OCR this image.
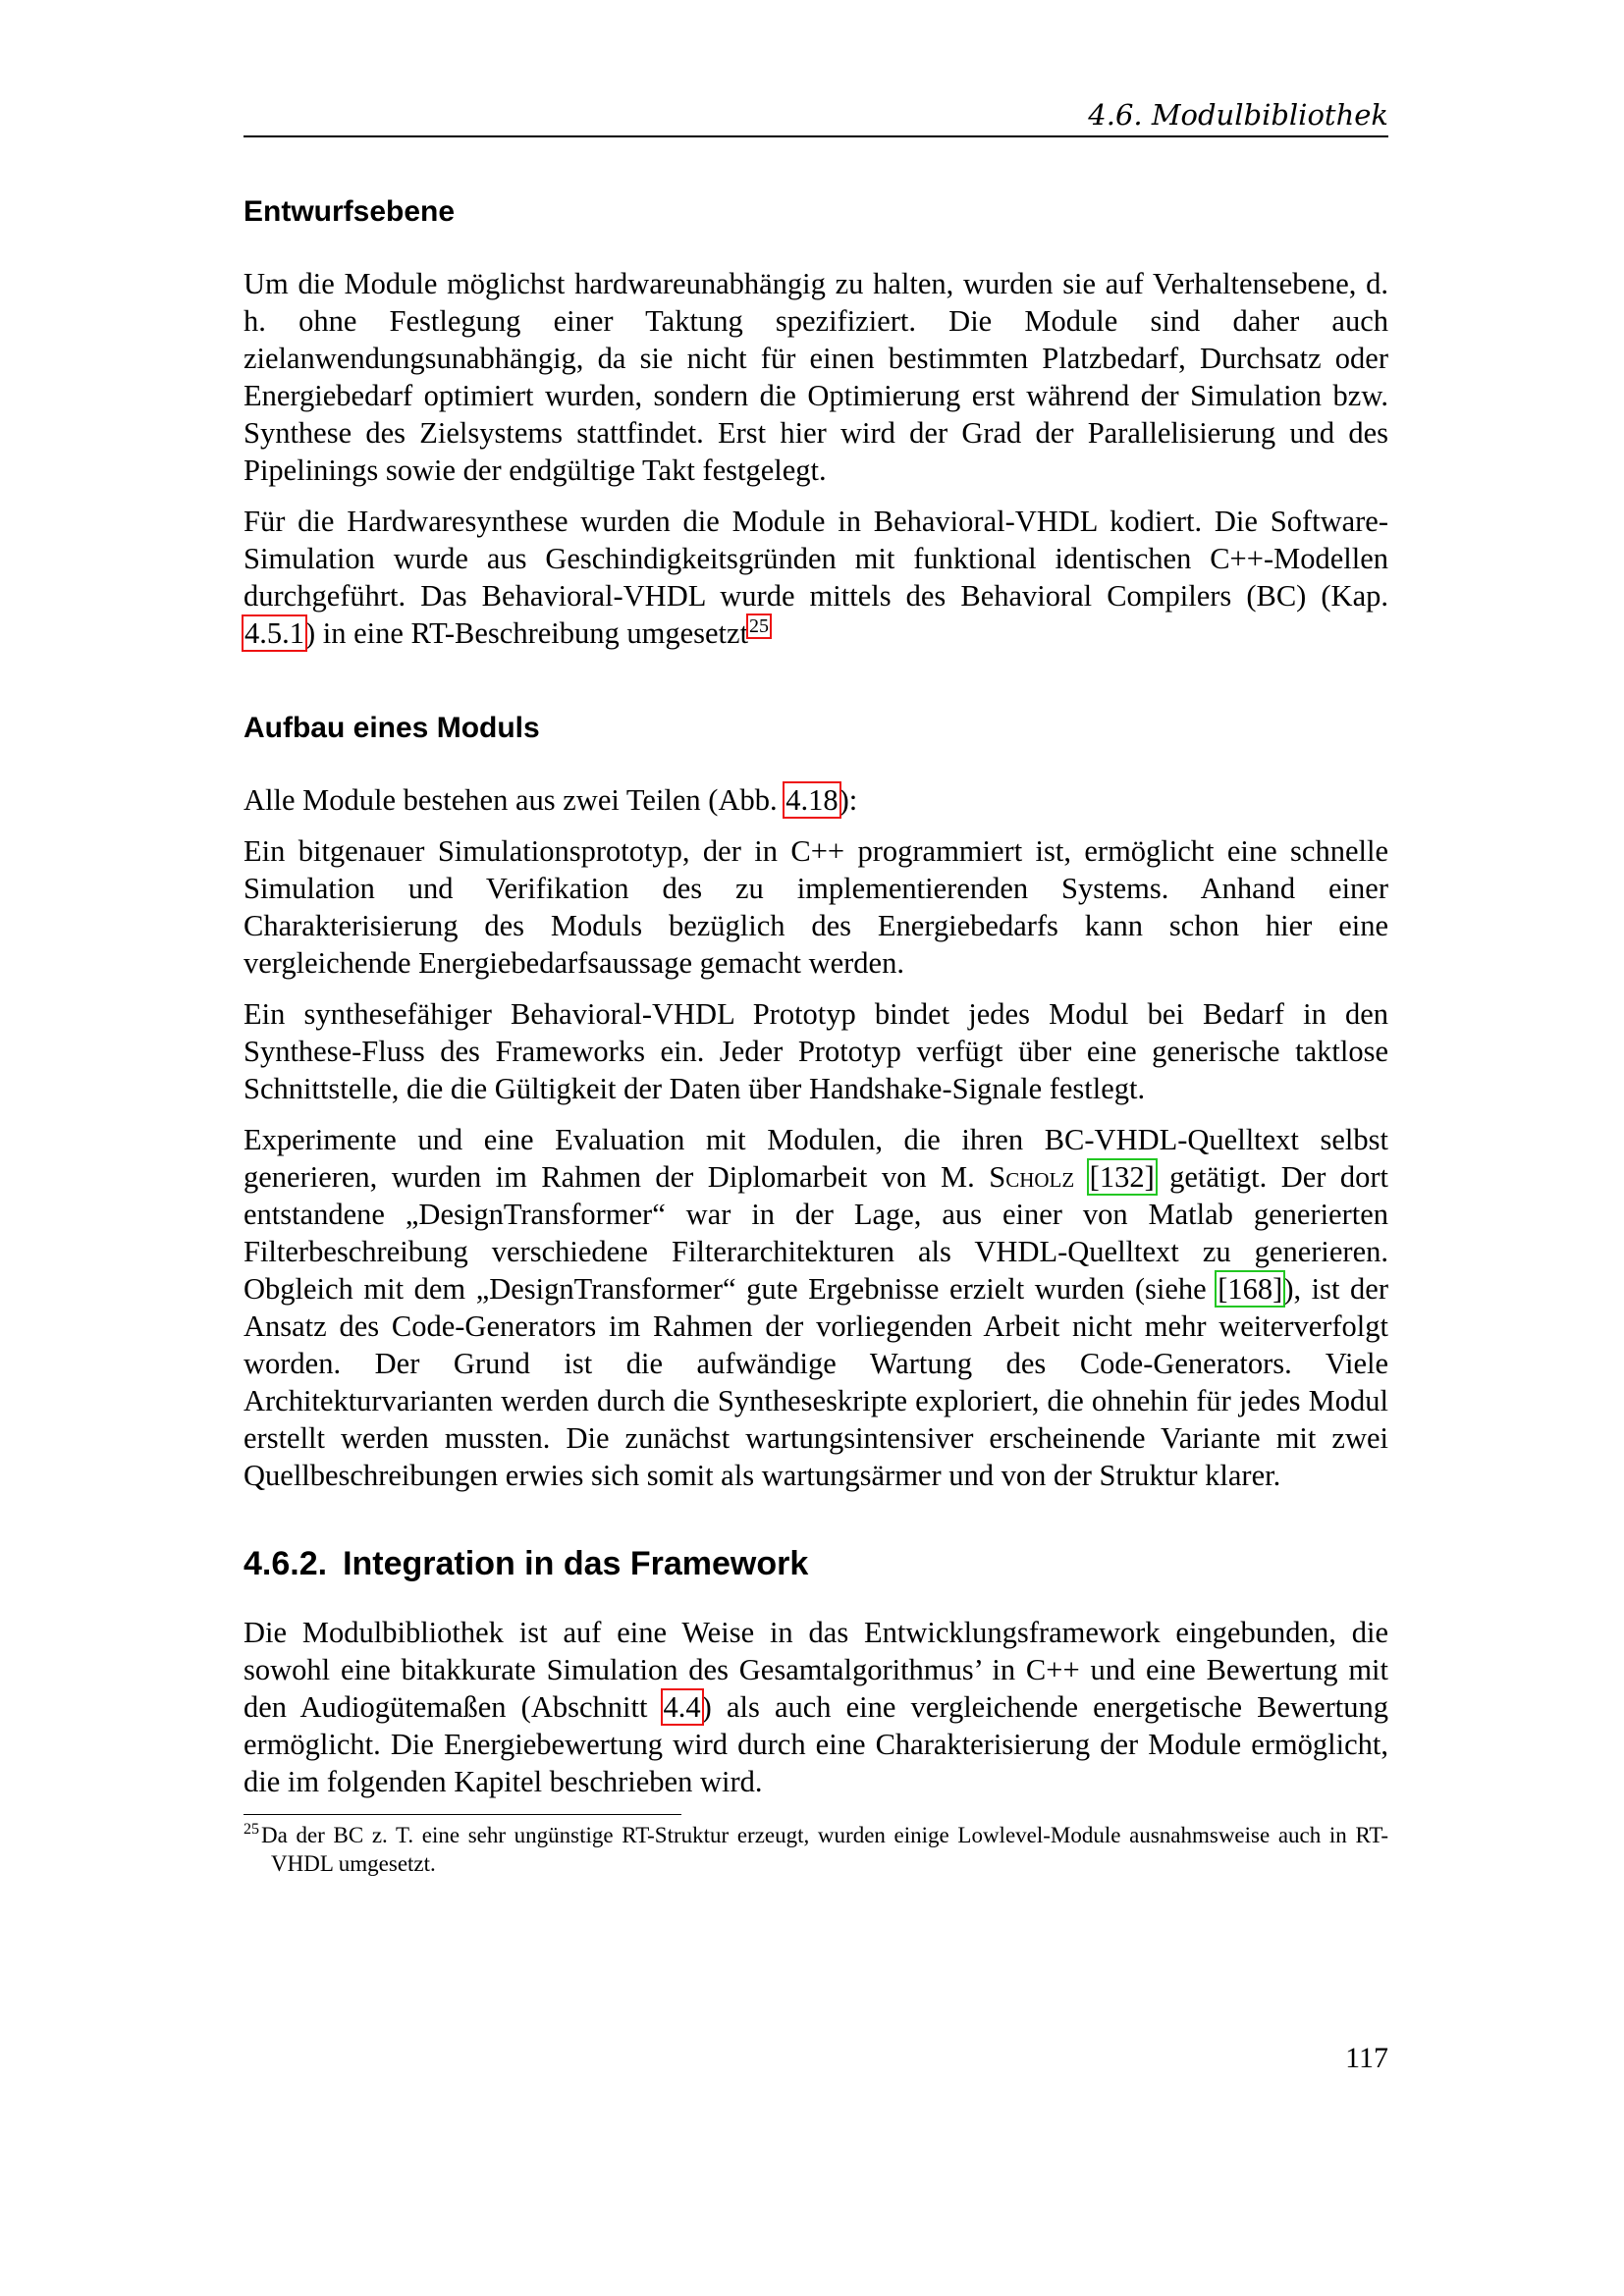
4.6. Modulbibliothek
Entwurfsebene

Um die Module möglichst hardwareunabhängig zu halten, wurden sie auf Verhaltensebene, d. h. ohne Festlegung einer Taktung spezifiziert. Die Module sind daher auch zielanwendungsunabhängig, da sie nicht für einen bestimmten Platzbedarf, Durchsatz oder Energiebedarf optimiert wurden, sondern die Optimierung erst während der Simulation bzw. Synthese des Zielsystems stattfindet. Erst hier wird der Grad der Parallelisierung und des Pipelinings sowie der endgültige Takt festgelegt.

Für die Hardwaresynthese wurden die Module in Behavioral-VHDL kodiert. Die Software-Simulation wurde aus Geschindigkeitsgründen mit funktional identischen C++-Modellen durchgeführt. Das Behavioral-VHDL wurde mittels des Behavioral Compilers (BC) (Kap. 4.5.1) in eine RT-Beschreibung umgesetzt$^{25}$

Aufbau eines Moduls

Alle Module bestehen aus zwei Teilen (Abb. 4.18):

Ein bitgenauer Simulationsprototyp, der in C++ programmiert ist, ermöglicht eine schnelle Simulation und Verifikation des zu implementierenden Systems. Anhand einer Charakterisierung des Moduls bezüglich des Energiebedarfs kann schon hier eine vergleichende Energiebedarfsaussage gemacht werden.

Ein synthesefähiger Behavioral-VHDL Prototyp bindet jedes Modul bei Bedarf in den Synthese-Fluss des Frameworks ein. Jeder Prototyp verfügt über eine generische taktlose Schnittstelle, die die Gültigkeit der Daten über Handshake-Signale festlegt.

Experimente und eine Evaluation mit Modulen, die ihren BC-VHDL-Quelltext selbst generieren, wurden im Rahmen der Diplomarbeit von M. Scholz [132] getätigt. Der dort entstandene „DesignTransformer“ war in der Lage, aus einer von Matlab generierten Filterbeschreibung verschiedene Filterarchitekturen als VHDL-Quelltext zu generieren. Obgleich mit dem „DesignTransformer“ gute Ergebnisse erzielt wurden (siehe [168]), ist der Ansatz des Code-Generators im Rahmen der vorliegenden Arbeit nicht mehr weiterverfolgt worden. Der Grund ist die aufwändige Wartung des Code-Generators. Viele Architekturvarianten werden durch die Syntheseskripte exploriert, die ohnehin für jedes Modul erstellt werden mussten. Die zunächst wartungsintensiver erscheinende Variante mit zwei Quellbeschreibungen erwies sich somit als wartungsärmer und von der Struktur klarer.

4.6.2. Integration in das Framework

Die Modulbibliothek ist auf eine Weise in das Entwicklungsframework eingebunden, die sowohl eine bitakkurate Simulation des Gesamtalgorithmus’ in C++ und eine Bewertung mit den Audiogütemaßen (Abschnitt 4.4) als auch eine vergleichende energetische Bewertung ermöglicht. Die Energiebewertung wird durch eine Charakterisierung der Module ermöglicht, die im folgenden Kapitel beschrieben wird.

$^{25}$Da der BC z. T. eine sehr ungünstige RT-Struktur erzeugt, wurden einige Lowlevel-Module ausnahmsweise auch in RT-VHDL umgesetzt.
117
